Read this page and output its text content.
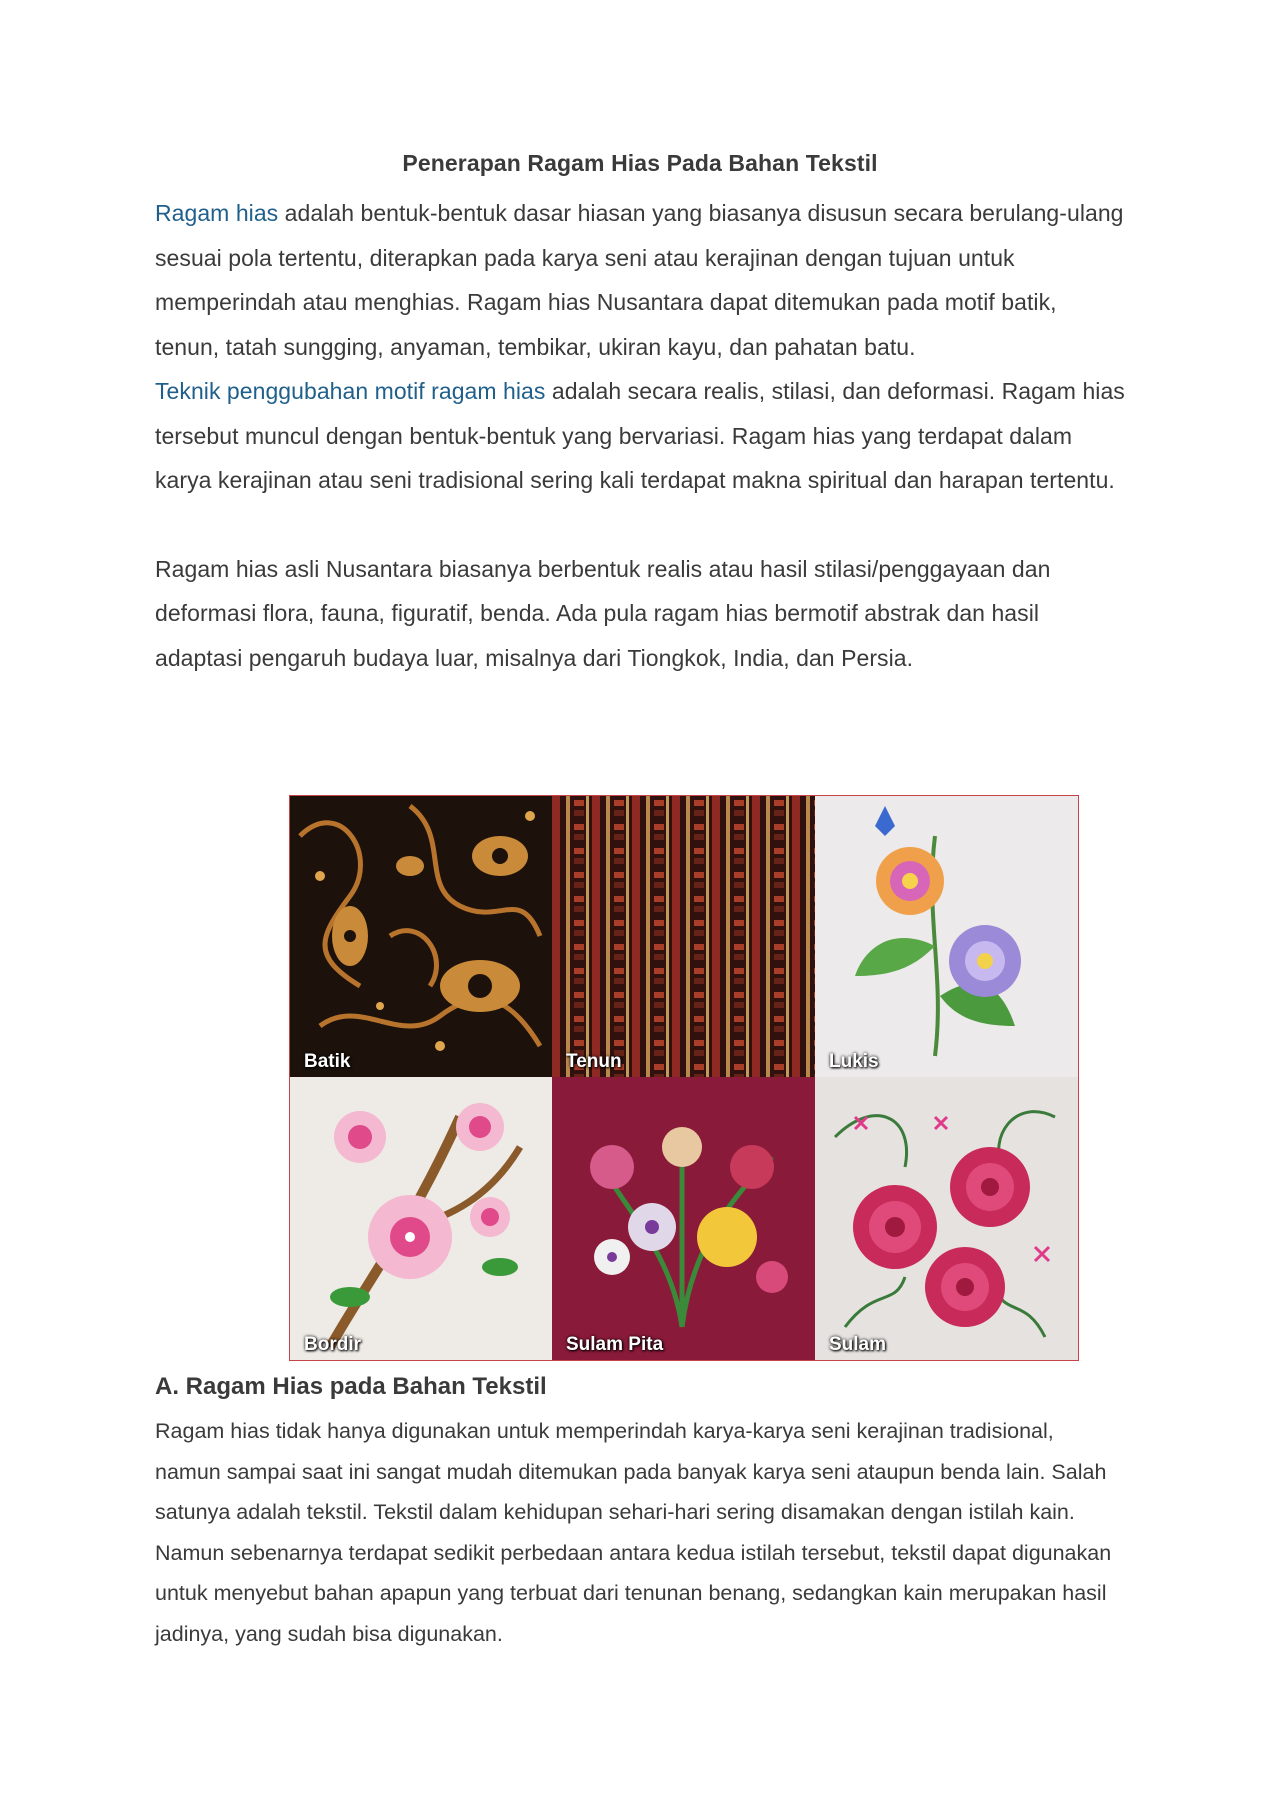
Penerapan Ragam Hias Pada Bahan Tekstil

Ragam hias adalah bentuk-bentuk dasar hiasan yang biasanya disusun secara berulang-ulang sesuai pola tertentu, diterapkan pada karya seni atau kerajinan dengan tujuan untuk memperindah atau menghias. Ragam hias Nusantara dapat ditemukan pada motif batik, tenun, tatah sungging, anyaman, tembikar, ukiran kayu, dan pahatan batu.

Teknik penggubahan motif ragam hias adalah secara realis, stilasi, dan deformasi. Ragam hias tersebut muncul dengan bentuk-bentuk yang bervariasi. Ragam hias yang terdapat dalam karya kerajinan atau seni tradisional sering kali terdapat makna spiritual dan harapan tertentu.

Ragam hias asli Nusantara biasanya berbentuk realis atau hasil stilasi/penggayaan dan deformasi flora, fauna, figuratif, benda. Ada pula ragam hias bermotif abstrak dan hasil adaptasi pengaruh budaya luar, misalnya dari Tiongkok, India, dan Persia.

Batik	Tenun	Lukis
Bordir	Sulam Pita	Sulam
A. Ragam Hias pada Bahan Tekstil

Ragam hias tidak hanya digunakan untuk memperindah karya-karya seni kerajinan tradisional, namun sampai saat ini sangat mudah ditemukan pada banyak karya seni ataupun benda lain. Salah satunya adalah tekstil. Tekstil dalam kehidupan sehari-hari sering disamakan dengan istilah kain. Namun sebenarnya terdapat sedikit perbedaan antara kedua istilah tersebut, tekstil dapat digunakan untuk menyebut bahan apapun yang terbuat dari tenunan benang, sedangkan kain merupakan hasil jadinya, yang sudah bisa digunakan.
